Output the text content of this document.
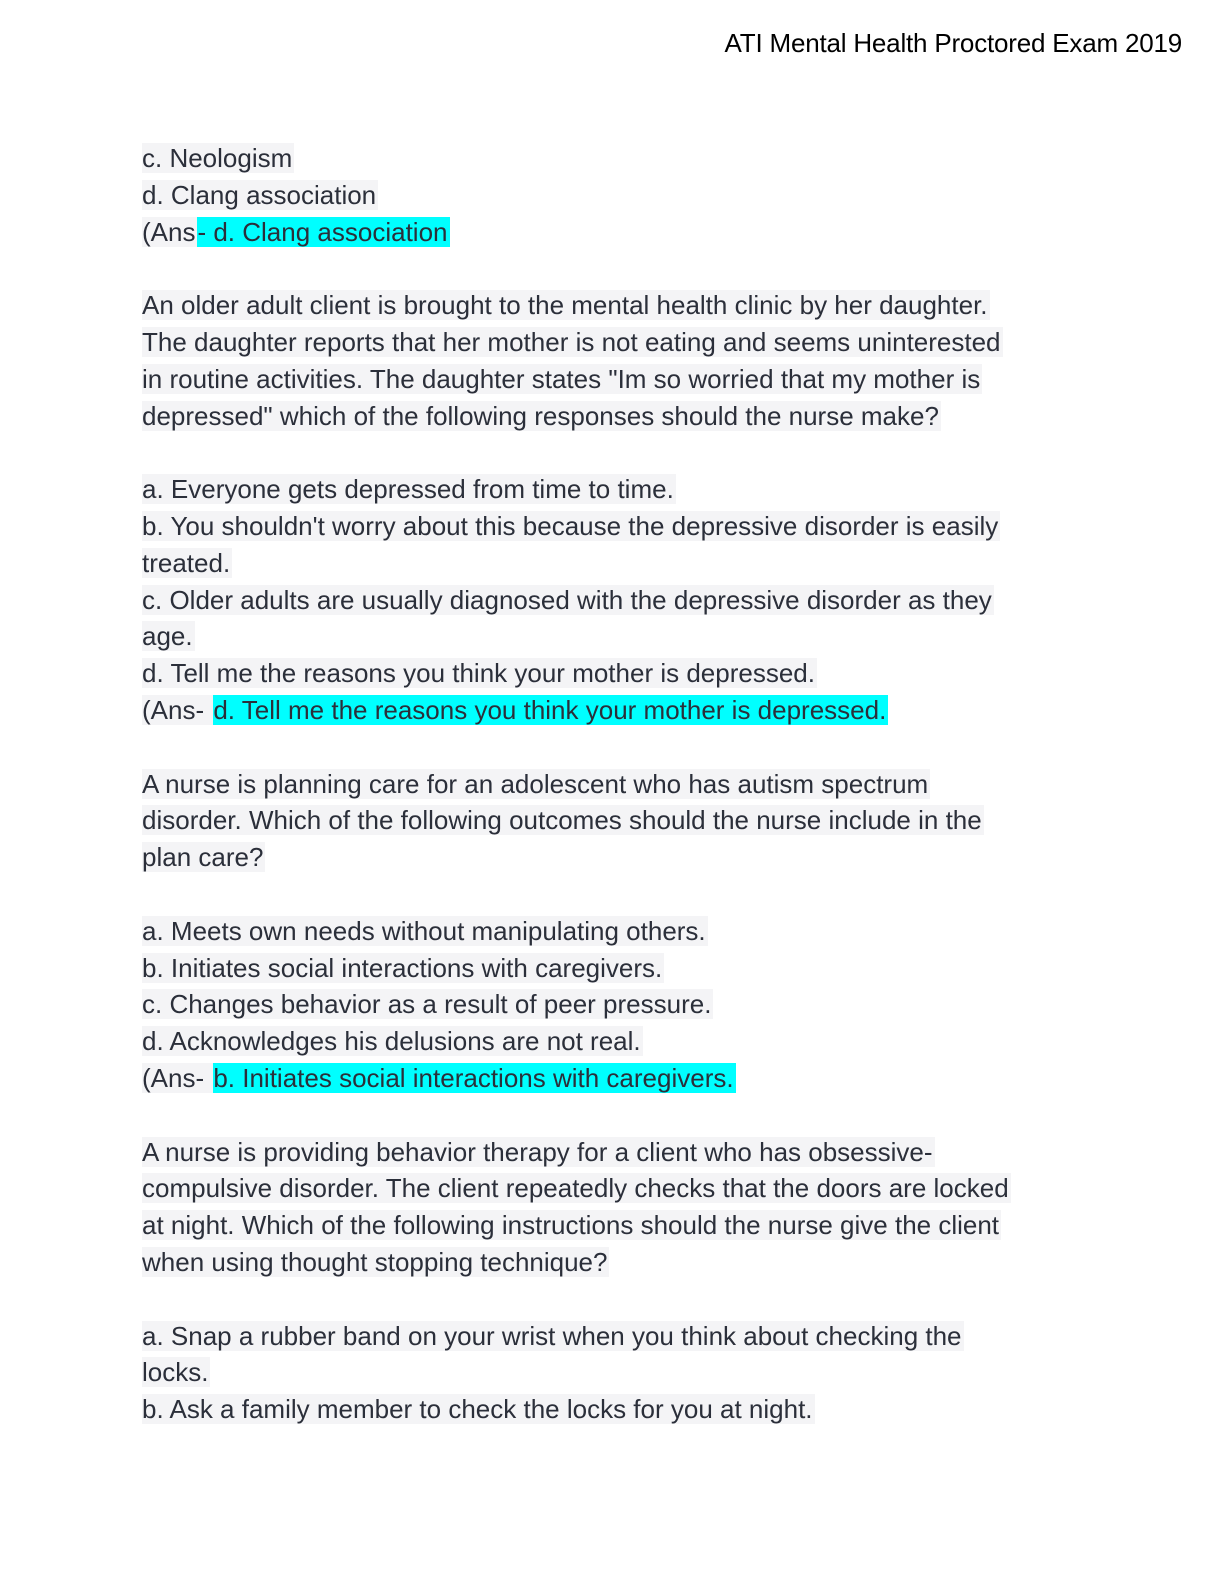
ATI Mental Health Proctored Exam 2019
c. Neologism
d. Clang association
(Ans- d. Clang association
An older adult client is brought to the mental health clinic by her daughter.
The daughter reports that her mother is not eating and seems uninterested
in routine activities. The daughter states "Im so worried that my mother is
depressed" which of the following responses should the nurse make?
a. Everyone gets depressed from time to time.
b. You shouldn't worry about this because the depressive disorder is easily
treated.
c. Older adults are usually diagnosed with the depressive disorder as they
age.
d. Tell me the reasons you think your mother is depressed.
(Ans- d. Tell me the reasons you think your mother is depressed.
A nurse is planning care for an adolescent who has autism spectrum
disorder. Which of the following outcomes should the nurse include in the
plan care?
a. Meets own needs without manipulating others.
b. Initiates social interactions with caregivers.
c. Changes behavior as a result of peer pressure.
d. Acknowledges his delusions are not real.
(Ans- b. Initiates social interactions with caregivers.
A nurse is providing behavior therapy for a client who has obsessive-
compulsive disorder. The client repeatedly checks that the doors are locked
at night. Which of the following instructions should the nurse give the client
when using thought stopping technique?
a. Snap a rubber band on your wrist when you think about checking the
locks.
b. Ask a family member to check the locks for you at night.
